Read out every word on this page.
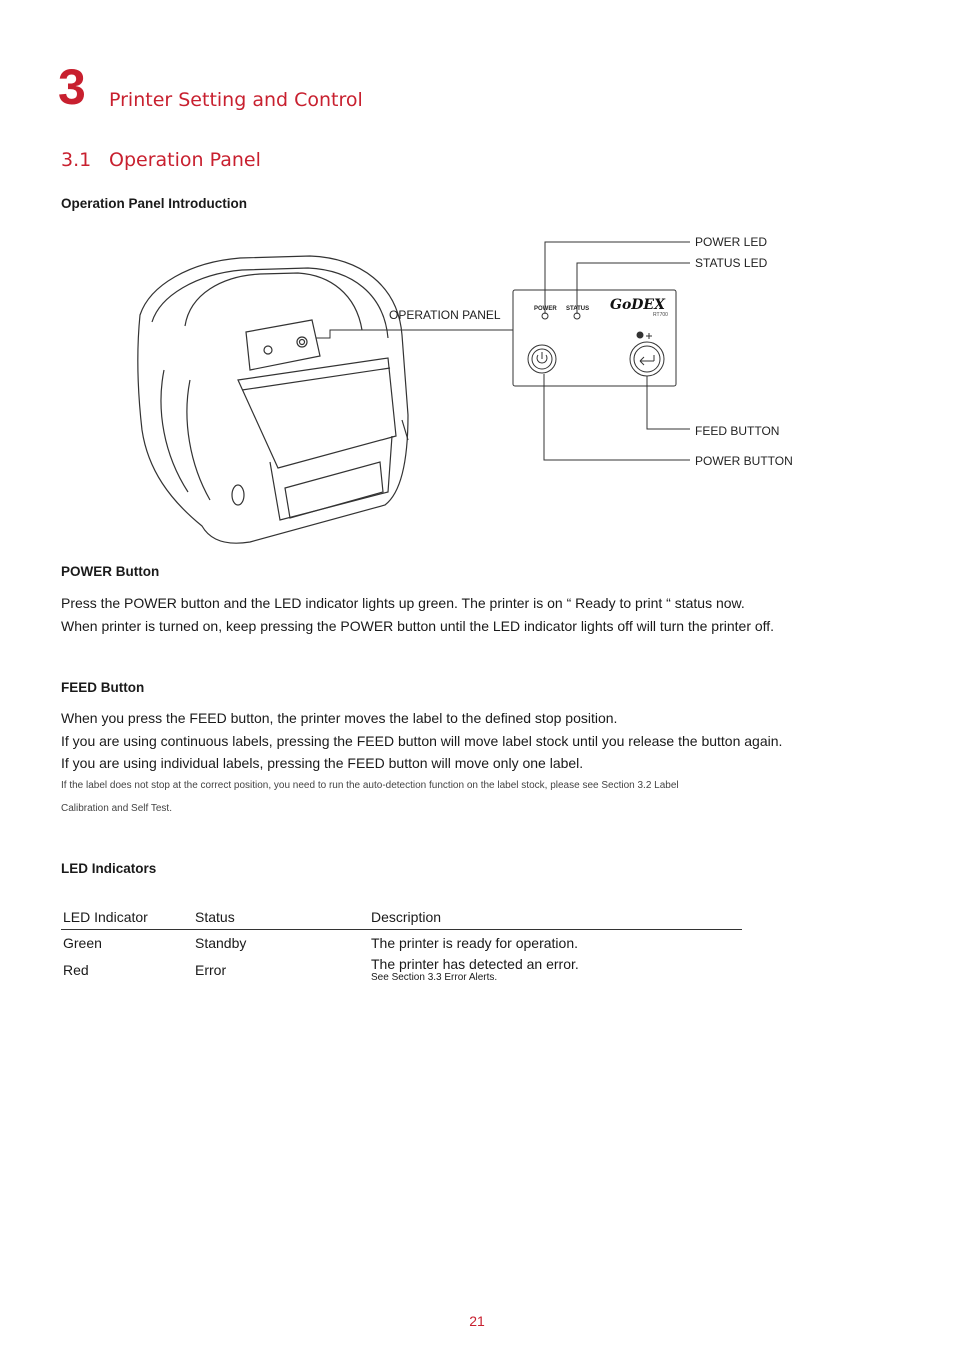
3 Printer Setting and Control
3.1 Operation Panel
Operation Panel Introduction
POWER STATUS GoDEX
RT700
POWER LED
STATUS LED
OPERATION PANEL
FEED BUTTON
POWER BUTTON
POWER Button

Press the POWER button and the LED indicator lights up green. The printer is on “ Ready to print “ status now.

When printer is turned on, keep pressing the POWER button until the LED indicator lights off will turn the printer off.

FEED Button

When you press the FEED button, the printer moves the label to the defined stop position.

If you are using continuous labels, pressing the FEED button will move label stock until you release the button again.

If you are using individual labels, pressing the FEED button will move only one label.

If the label does not stop at the correct position, you need to run the auto-detection function on the label stock, please see Section 3.2 Label

Calibration and Self Test.

LED Indicators
LED Indicator	Status	Description
Green	Standby	The printer is ready for operation.
Red	Error	The printer has detected an error.
See Section 3.3 Error Alerts.
21
